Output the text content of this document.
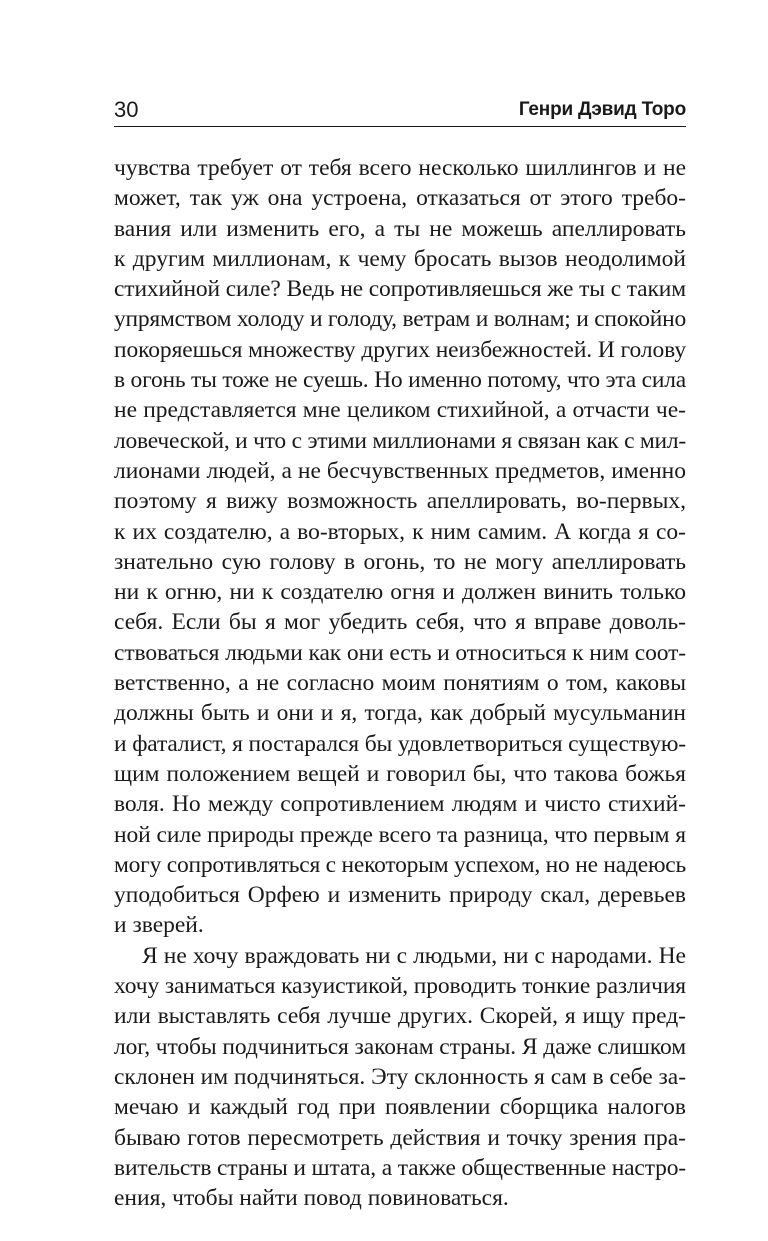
30	Генри Дэвид Торо
чувства требует от тебя всего несколько шиллингов и не
может, так уж она устроена, отказаться от этого требо-
вания или изменить его, а ты не можешь апеллировать
к другим миллионам, к чему бросать вызов неодолимой
стихийной силе? Ведь не сопротивляешься же ты с таким
упрямством холоду и голоду, ветрам и волнам; и спокойно
покоряешься множеству других неизбежностей. И голову
в огонь ты тоже не суешь. Но именно потому, что эта сила
не представляется мне целиком стихийной, а отчасти че-
ловеческой, и что с этими миллионами я связан как с мил-
лионами людей, а не бесчувственных предметов, именно
поэтому я вижу возможность апеллировать, во-первых,
к их создателю, а во-вторых, к ним самим. А когда я со-
знательно сую голову в огонь, то не могу апеллировать
ни к огню, ни к создателю огня и должен винить только
себя. Если бы я мог убедить себя, что я вправе доволь-
ствоваться людьми как они есть и относиться к ним соот-
ветственно, а не согласно моим понятиям о том, каковы
должны быть и они и я, тогда, как добрый мусульманин
и фаталист, я постарался бы удовлетвориться существую-
щим положением вещей и говорил бы, что такова божья
воля. Но между сопротивлением людям и чисто стихий-
ной силе природы прежде всего та разница, что первым я
могу сопротивляться с некоторым успехом, но не надеюсь
уподобиться Орфею и изменить природу скал, деревьев
и зверей.
Я не хочу враждовать ни с людьми, ни с народами. Не
хочу заниматься казуистикой, проводить тонкие различия
или выставлять себя лучше других. Скорей, я ищу пред-
лог, чтобы подчиниться законам страны. Я даже слишком
склонен им подчиняться. Эту склонность я сам в себе за-
мечаю и каждый год при появлении сборщика налогов
бываю готов пересмотреть действия и точку зрения пра-
вительств страны и штата, а также общественные настро-
ения, чтобы найти повод повиноваться.
